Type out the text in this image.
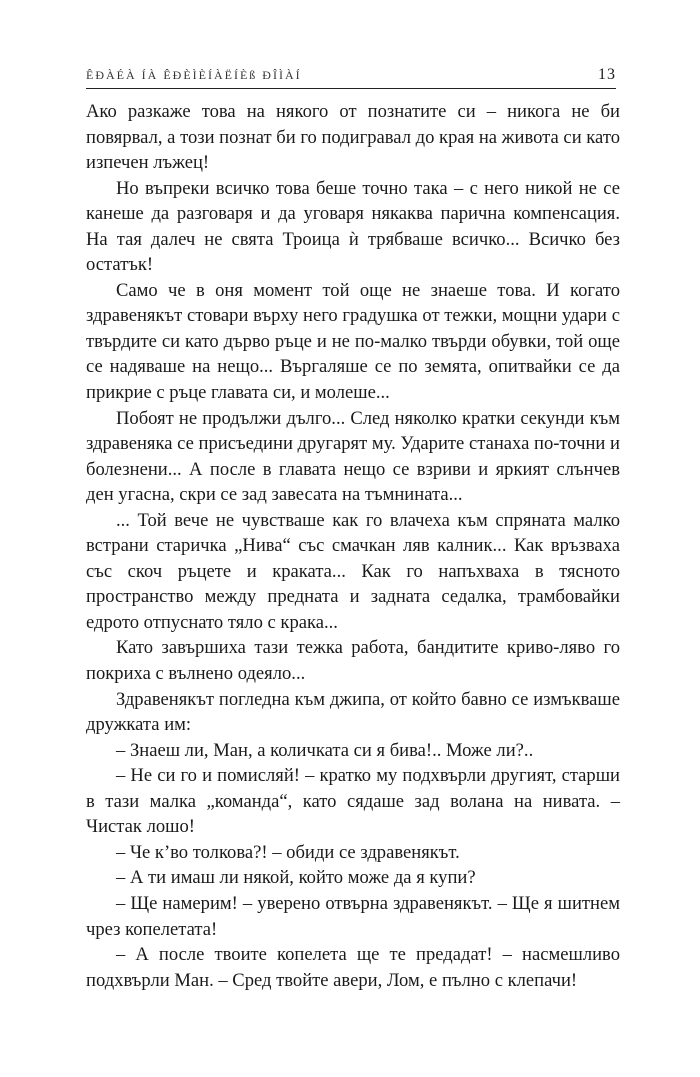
ÊÐÀÉÀ ÍÀ ÊÐÈÌÈÍÀËÍÈß ÐÎÌÀÍ	13

Ако разкаже това на някого от познатите си – никога не би повярвал, а този познат би го подигравал до края на живота си като изпечен лъжец!

Но въпреки всичко това беше точно така – с него никой не се канеше да разговаря и да уговаря някаква парична компенсация. На тая далеч не свята Троица ѝ трябваше всичко... Всичко без остатък!

Само че в оня момент той още не знаеше това. И когато здравенякът стовари върху него градушка от тежки, мощни удари с твърдите си като дърво ръце и не по-малко твърди обувки, той още се надяваше на нещо... Въргаляше се по земята, опитвайки се да прикрие с ръце главата си, и молеше...

Побоят не продължи дълго... След няколко кратки секунди към здравеняка се присъедини другарят му. Ударите станаха по-точни и болезнени... А после в главата нещо се взриви и яркият слънчев ден угасна, скри се зад завесата на тъмнината...

... Той вече не чувстваше как го влачеха към спряната малко встрани старичка „Нива“ със смачкан ляв калник... Как връзваха със скоч ръцете и краката... Как го напъхваха в тясното пространство между предната и задната седалка, трамбовайки едрото отпуснато тяло с крака...

Като завършиха тази тежка работа, бандитите криво-ляво го покриха с вълнено одеяло...

Здравенякът погледна към джипа, от който бавно се измъкваше дружката им:

– Знаеш ли, Ман, а количката си я бива!.. Може ли?..

– Не си го и помисляй! – кратко му подхвърли другият, старши в тази малка „команда“, като сядаше зад волана на нивата. – Чистак лошо!

– Че к’во толкова?! – обиди се здравенякът.

– А ти имаш ли някой, който може да я купи?

– Ще намерим! – уверено отвърна здравенякът. – Ще я шитнем чрез копелетата!

– А после твоите копелета ще те предадат! – насмешливо подхвърли Ман. – Сред твойте авери, Лом, е пълно с клепачи!
